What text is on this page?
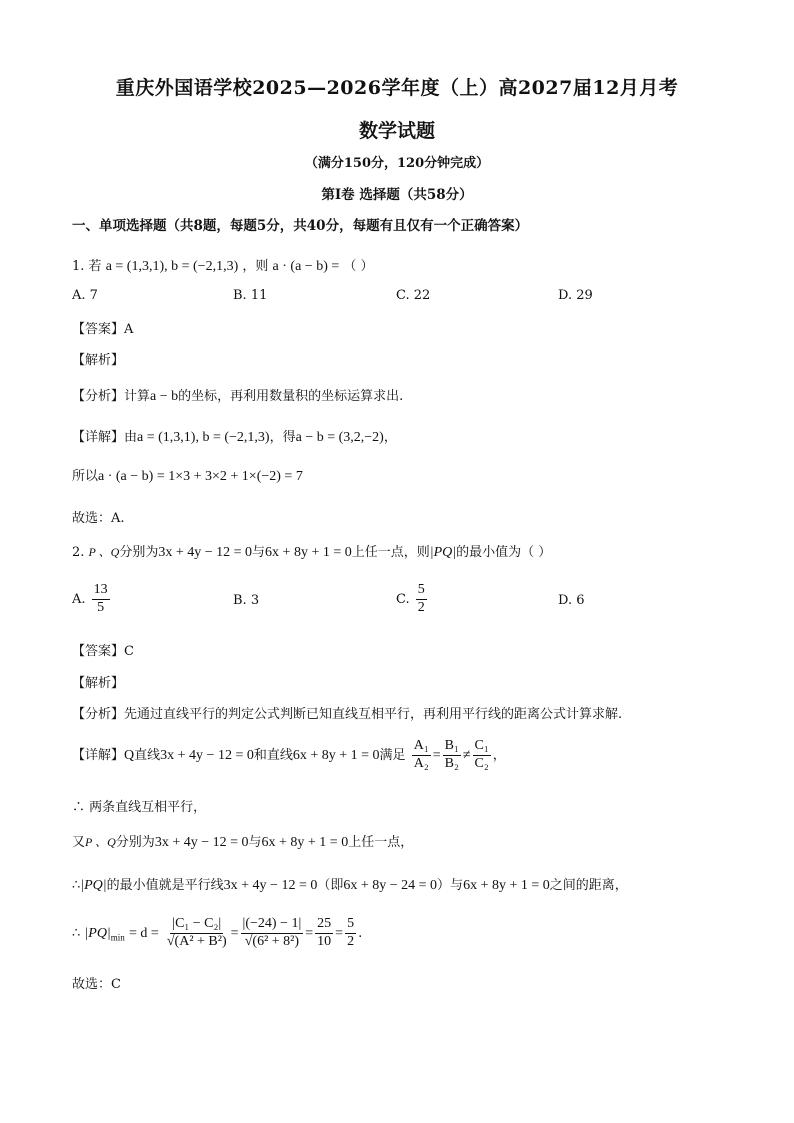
重庆外国语学校2025—2026学年度（上）高2027届12月月考
数学试题
（满分150分，120分钟完成）
第Ⅰ卷 选择题（共58分）
一、单项选择题（共8题，每题5分，共40分，每题有且仅有一个正确答案）
1. 若 a = (1,3,1), b = (−2,1,3) ，则 a · (a − b) = （ ）
A. 7	B. 11	C. 22	D. 29
【答案】A
【解析】
【分析】计算a − b的坐标，再利用数量积的坐标运算求出.
【详解】由a = (1,3,1), b = (−2,1,3)，得a − b = (3,2,−2)，
所以a · (a − b) = 1×3 + 3×2 + 1×(−2) = 7
故选：A.
2. P 、Q分别为3x + 4y − 12 = 0与6x + 8y + 1 = 0上任一点，则|PQ|的最小值为（ ）
A. $\frac{13}{5}$	B. 3	C. $\frac{5}{2}$	D. 6
【答案】C
【解析】
【分析】先通过直线平行的判定公式判断已知直线互相平行，再利用平行线的距离公式计算求解.
【详解】Q直线3x + 4y − 12 = 0和直线6x + 8y + 1 = 0满足 $\frac{\text{A₁}}{\text{A₂}} = \frac{\text{B₁}}{\text{B₂}} \ne \frac{\text{C₁}}{\text{C₂}}$ ，
∴ 两条直线互相平行，
又P 、Q分别为3x + 4y − 12 = 0与6x + 8y + 1 = 0上任一点，
∴|PQ|的最小值就是平行线3x + 4y − 12 = 0（即6x + 8y − 24 = 0）与6x + 8y + 1 = 0之间的距离，
∴ $|PQ|_{min} = d = \frac{\text{|C₁ − C₂|}}{\text{√(A² + B²)}} = \frac{|(-24) - 1|}{\text{√(6² + 8²)}} = \frac{25}{10} = \frac{5}{2}$ .
故选：C
